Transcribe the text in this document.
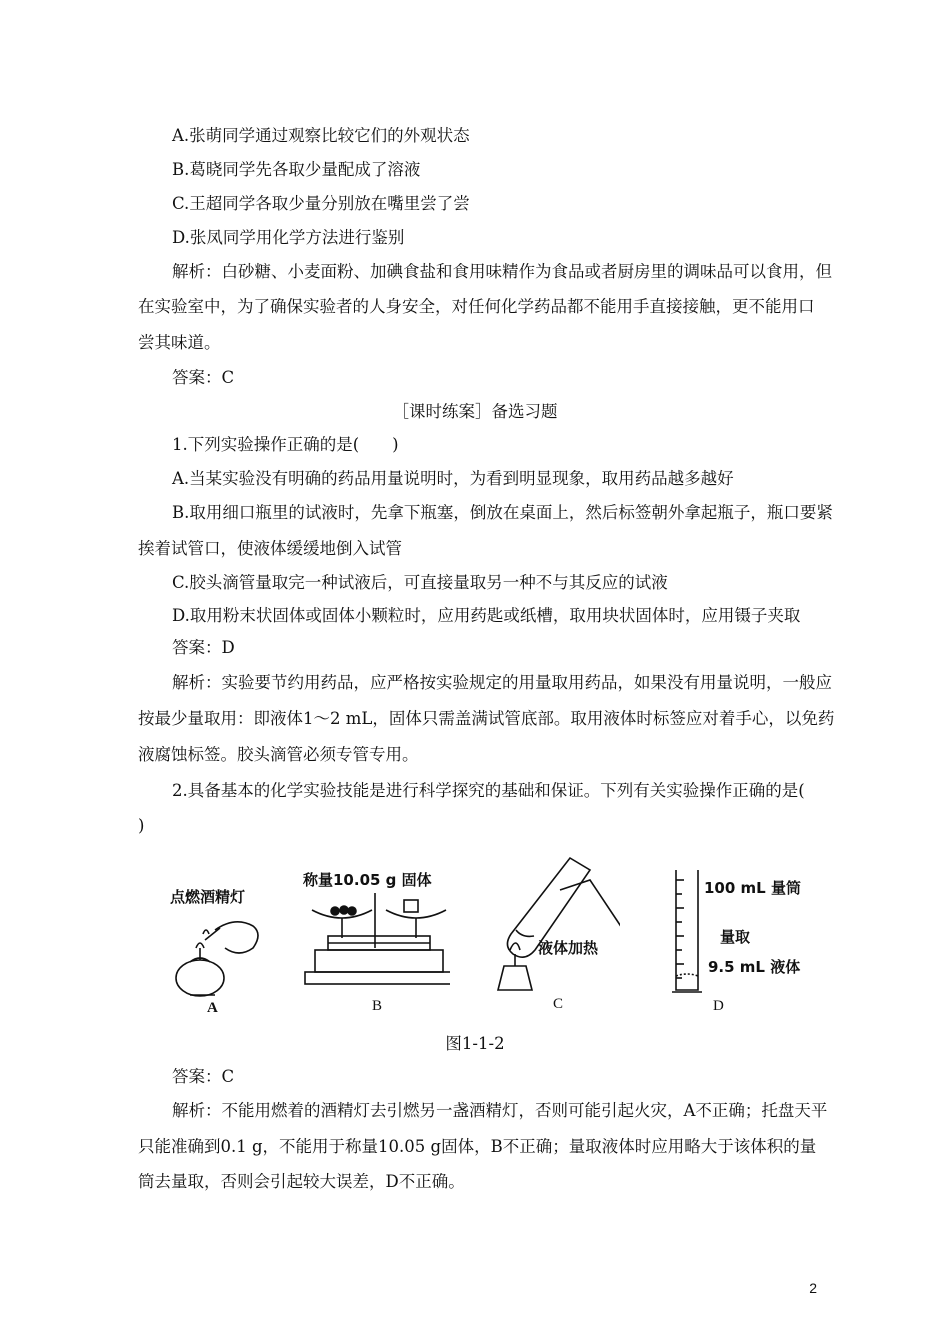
A.张萌同学通过观察比较它们的外观状态
B.葛晓同学先各取少量配成了溶液
C.王超同学各取少量分别放在嘴里尝了尝
D.张凤同学用化学方法进行鉴别
解析：白砂糖、小麦面粉、加碘食盐和食用味精作为食品或者厨房里的调味品可以食用，但
在实验室中，为了确保实验者的人身安全，对任何化学药品都不能用手直接接触，更不能用口
尝其味道。
答案：C
［课时练案］备选习题
1.下列实验操作正确的是(　　)
A.当某实验没有明确的药品用量说明时，为看到明显现象，取用药品越多越好
B.取用细口瓶里的试液时，先拿下瓶塞，倒放在桌面上，然后标签朝外拿起瓶子，瓶口要紧
挨着试管口，使液体缓缓地倒入试管
C.胶头滴管量取完一种试液后，可直接量取另一种不与其反应的试液
D.取用粉末状固体或固体小颗粒时，应用药匙或纸槽，取用块状固体时，应用镊子夹取
答案：D
解析：实验要节约用药品，应严格按实验规定的用量取用药品，如果没有用量说明，一般应
按最少量取用：即液体1～2 mL，固体只需盖满试管底部。取用液体时标签应对着手心，以免药
液腐蚀标签。胶头滴管必须专管专用。
2.具备基本的化学实验技能是进行科学探究的基础和保证。下列有关实验操作正确的是(
)
点燃酒精灯
A
称量10.05 g 固体
B
液体加热
C
100 mL 量筒
量取
9.5 mL 液体
D
图1-1-2
答案：C
解析：不能用燃着的酒精灯去引燃另一盏酒精灯，否则可能引起火灾，A不正确；托盘天平
只能准确到0.1 g，不能用于称量10.05 g固体，B不正确；量取液体时应用略大于该体积的量
筒去量取，否则会引起较大误差，D不正确。
2
